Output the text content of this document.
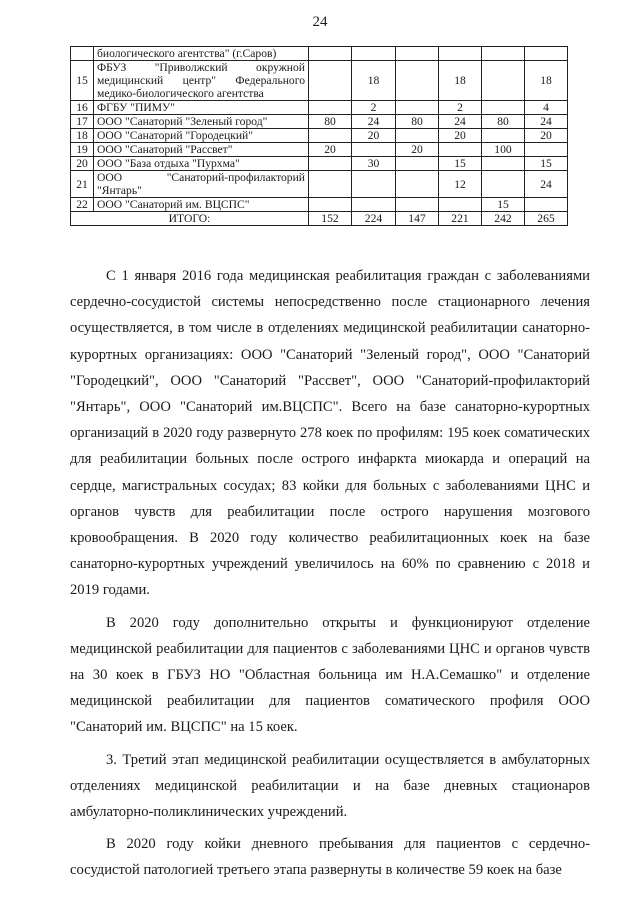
24

	биологического агентства" (г.Саров)						

15	ФБУЗ "Приволжский окружной
медицинский центр" Федерального
медико-биологического агентства		18		18		18
16	ФГБУ "ПИМУ"		2		2		4
17	ООО "Санаторий "Зеленый город"	80	24	80	24	80	24
18	ООО "Санаторий "Городецкий"		20		20		20
19	ООО "Санаторий "Рассвет"	20		20		100	
20	ООО "База отдыха "Пурхма"		30		15		15
21	ООО "Санаторий-профилакторий
"Янтарь"				12		24
22	ООО "Санаторий им. ВЦСПС"					15	
ИТОГО:		152	224	147	221	242	265

С 1 января 2016 года медицинская реабилитация граждан с заболеваниями сердечно-сосудистой системы непосредственно после стационарного лечения осуществляется, в том числе в отделениях медицинской реабилитации санаторно-курортных организациях: ООО "Санаторий "Зеленый город", ООО "Санаторий "Городецкий", ООО "Санаторий "Рассвет", ООО "Санаторий-профилакторий "Янтарь", ООО "Санаторий им.ВЦСПС". Всего на базе санаторно-курортных организаций в 2020 году развернуто 278 коек по профилям: 195 коек соматических для реабилитации больных после острого инфаркта миокарда и операций на сердце, магистральных сосудах; 83 койки для больных с заболеваниями ЦНС и органов чувств для реабилитации после острого нарушения мозгового кровообращения. В 2020 году количество реабилитационных коек на базе санаторно-курортных учреждений увеличилось на 60% по сравнению с 2018 и 2019 годами.

В 2020 году дополнительно открыты и функционируют отделение медицинской реабилитации для пациентов с заболеваниями ЦНС и органов чувств на 30 коек в ГБУЗ НО "Областная больница им Н.А.Семашко" и отделение медицинской реабилитации для пациентов соматического профиля ООО "Санаторий им. ВЦСПС" на 15 коек.

3. Третий этап медицинской реабилитации осуществляется в амбулаторных отделениях медицинской реабилитации и на базе дневных стационаров амбулаторно-поликлинических учреждений.

В 2020 году койки дневного пребывания для пациентов с сердечно-сосудистой патологией третьего этапа развернуты в количестве 59 коек на базе
